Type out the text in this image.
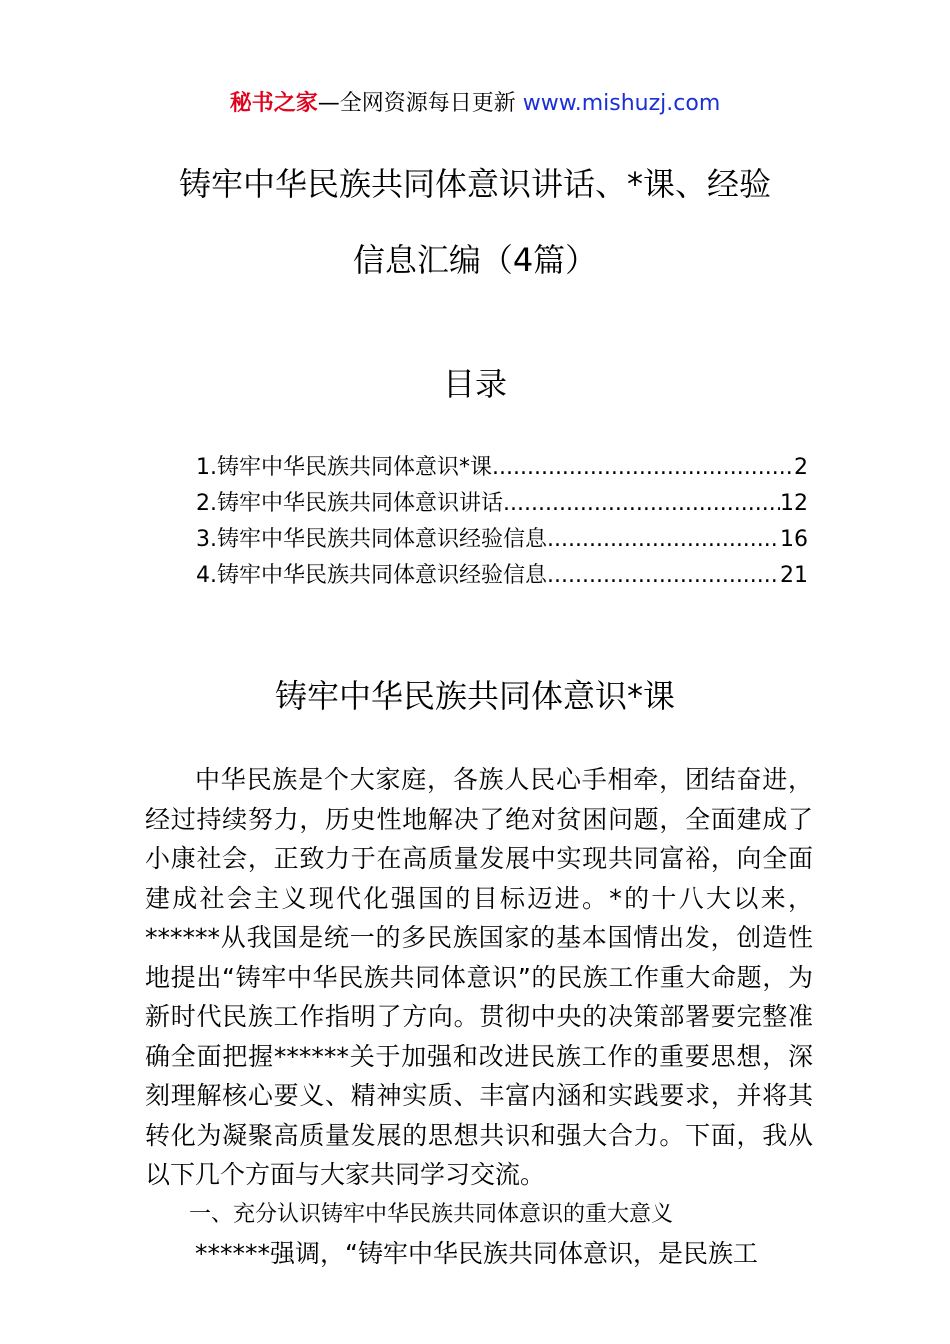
秘书之家—全网资源每日更新 www.mishuzj.com
铸牢中华民族共同体意识讲话、*课、经验
信息汇编（4篇）
目录
1.铸牢中华民族共同体意识*课 .....	2
2.铸牢中华民族共同体意识讲话 .....	12
3.铸牢中华民族共同体意识经验信息 .....	16
4.铸牢中华民族共同体意识经验信息 .....	21
铸牢中华民族共同体意识*课

中华民族是个大家庭，各族人民心手相牵，团结奋进，经过持续努力，历史性地解决了绝对贫困问题，全面建成了小康社会，正致力于在高质量发展中实现共同富裕，向全面建成社会主义现代化强国的目标迈进。*的十八大以来，******从我国是统一的多民族国家的基本国情出发，创造性地提出“铸牢中华民族共同体意识”的民族工作重大命题，为新时代民族工作指明了方向。贯彻中央的决策部署要完整准确全面把握******关于加强和改进民族工作的重要思想，深刻理解核心要义、精神实质、丰富内涵和实践要求，并将其转化为凝聚高质量发展的思想共识和强大合力。下面，我从以下几个方面与大家共同学习交流。

一、充分认识铸牢中华民族共同体意识的重大意义

******强调，“铸牢中华民族共同体意识，是民族工
